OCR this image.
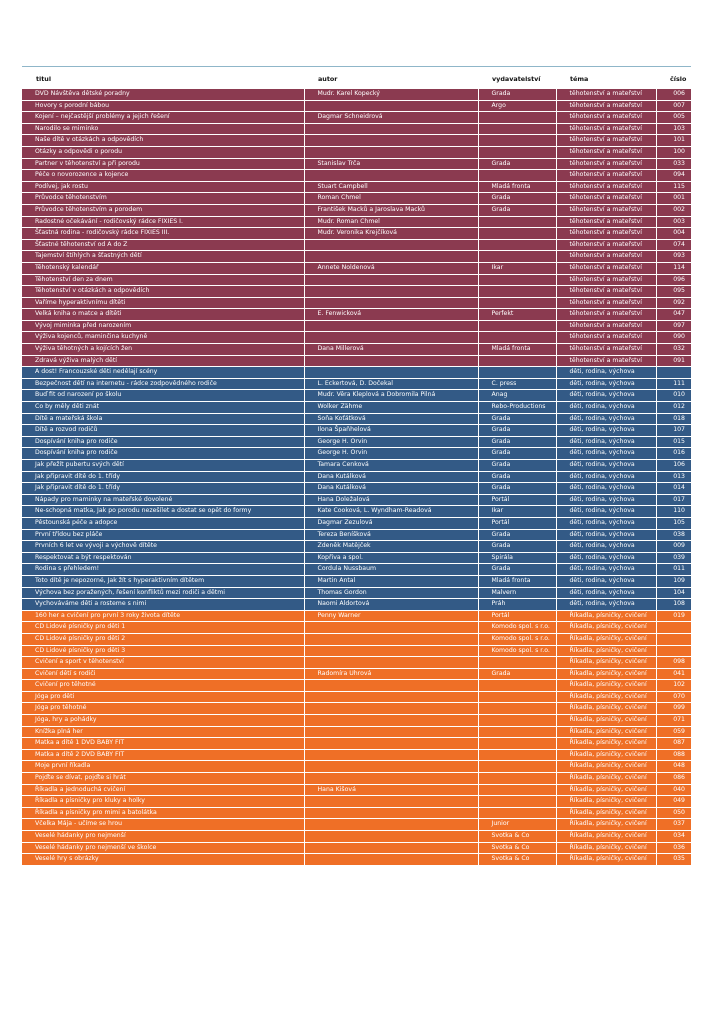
titul	autor	vydavatelství	téma	číslo
DVD Návštěva dětské poradny	Mudr. Karel Kopecký	Grada	těhotenství a mateřství	006
Hovory s porodní bábou		Argo	těhotenství a mateřství	007
Kojení – nejčastější problémy a jejich řešení	Dagmar Schneidrová		těhotenství a mateřství	005
Narodilo se miminko			těhotenství a mateřství	103
Naše dítě v otázkách a odpovědích			těhotenství a mateřství	101
Otázky a odpovědi o porodu			těhotenství a mateřství	100
Partner v těhotenství a při porodu	Stanislav Trča	Grada	těhotenství a mateřství	033
Péče o novorozence a kojence			těhotenství a mateřství	094
Podívej, jak rostu	Stuart Campbell	Mladá fronta	těhotenství a mateřství	115
Průvodce těhotenstvím	Roman Chmel	Grada	těhotenství a mateřství	001
Průvodce těhotenstvím a porodem	František Macků a Jaroslava Macků	Grada	těhotenství a mateřství	002
Radostné očekávání - rodičovský rádce FIXIES I.	Mudr. Roman Chmel		těhotenství a mateřství	003
Šťastná rodina - rodičovský rádce FIXIES III.	Mudr. Veronika Krejčíková		těhotenství a mateřství	004
Šťastné těhotenství od A do Z			těhotenství a mateřství	074
Tajemství štíhlých a šťastných dětí			těhotenství a mateřství	093
Těhotenský kalendář	Annete Noldenová	Ikar	těhotenství a mateřství	114
Těhotenství den za dnem			těhotenství a mateřství	096
Těhotenství v otázkách a odpovědích			těhotenství a mateřství	095
Vaříme hyperaktivnímu dítěti			těhotenství a mateřství	092
Velká kniha o matce a dítěti	E. Fenwicková	Perfekt	těhotenství a mateřství	047
Vývoj miminka před narozením			těhotenství a mateřství	097
Výživa kojenců, maminčina kuchyně			těhotenství a mateřství	090
Výživa těhotných a kojících žen	Dana Millerová	Mladá fronta	těhotenství a mateřství	032
Zdravá výživa malých dětí			těhotenství a mateřství	091
A dost! Francouzské děti nedělají scény			děti, rodina, výchova	
Bezpečnost dětí na internetu - rádce zodpovědného rodiče	L. Eckertová, D. Dočekal	C. press	děti, rodina, výchova	111
Buď fit od narození po školu	Mudr. Věra Kleplová a Dobromila Pilná	Anag	děti, rodina, výchova	010
Co by měly děti znát	Wolker Zähme	Rebo-Productions	děti, rodina, výchova	012
Dítě a mateřská škola	Soňa Koťátková	Grada	děti, rodina, výchova	018
Dítě a rozvod rodičů	Ilona Špaňhelová	Grada	děti, rodina, výchova	107
Dospívání kniha pro rodiče	George H. Orvin	Grada	děti, rodina, výchova	015
Dospívání kniha pro rodiče	George H. Orvin	Grada	děti, rodina, výchova	016
Jak přežít pubertu svých dětí	Tamara Cenková	Grada	děti, rodina, výchova	106
Jak připravit dítě do 1. třídy	Dana Kutálková	Grada	děti, rodina, výchova	013
Jak připravit dítě do 1. třídy	Dana Kutálková	Grada	děti, rodina, výchova	014
Nápady pro maminky na mateřské dovolené	Hana Doležalová	Portál	děti, rodina, výchova	017
Ne-schopná matka, Jak po porodu nezešílet a dostat se opět do formy	Kate Cooková, L. Wyndham-Readová	Ikar	děti, rodina, výchova	110
Pěstounská péče a adopce	Dagmar Zezulová	Portál	děti, rodina, výchova	105
První třídou bez pláče	Tereza Beníšková	Grada	děti, rodina, výchova	038
Prvních 6 let ve vývoji a výchově dítěte	Zdeněk Matějček	Grada	děti, rodina, výchova	009
Respektovat a být respektován	Kopřiva a spol.	Spirála	děti, rodina, výchova	039
Rodina s přehledem!	Cordula Nussbaum	Grada	děti, rodina, výchova	011
Toto dítě je nepozorné, Jak žít s hyperaktivním dítětem	Martin Antal	Mladá fronta	děti, rodina, výchova	109
Výchova bez poražených, řešení konfliktů mezi rodiči a dětmi	Thomas Gordon	Malvern	děti, rodina, výchova	104
Vychováváme děti a rosteme s nimi	Naomi Aldortová	Práh	děti, rodina, výchova	108
160 her a cvičení pro první 3 roky života dítěte	Penny Warner	Portál	Říkadla, písničky, cvičení	019
CD Lidové písničky pro děti 1		Komodo spol. s r.o.	Říkadla, písničky, cvičení	
CD Lidové písničky pro děti 2		Komodo spol. s r.o.	Říkadla, písničky, cvičení	
CD Lidové písničky pro děti 3		Komodo spol. s r.o.	Říkadla, písničky, cvičení	
Cvičení a sport v těhotenství			Říkadla, písničky, cvičení	098
Cvičení dětí s rodiči	Radomíra Uhrová	Grada	Říkadla, písničky, cvičení	041
Cvičení pro těhotné			Říkadla, písničky, cvičení	102
Jóga pro děti			Říkadla, písničky, cvičení	070
Jóga pro těhotné			Říkadla, písničky, cvičení	099
Jóga, hry a pohádky			Říkadla, písničky, cvičení	071
Knížka plná her			Říkadla, písničky, cvičení	059
Matka a dítě 1 DVD BABY FIT			Říkadla, písničky, cvičení	087
Matka a dítě 2 DVD BABY FIT			Říkadla, písničky, cvičení	088
Moje první říkadla			Říkadla, písničky, cvičení	048
Pojďte se dívat, pojďte si hrát			Říkadla, písničky, cvičení	086
Říkadla a jednoduchá cvičení	Hana Kišová		Říkadla, písničky, cvičení	040
Říkadla a písničky pro kluky a holky			Říkadla, písničky, cvičení	049
Říkadla a písničky pro mimi a batolátka			Říkadla, písničky, cvičení	050
Včelka Mája - učíme se hrou		Junior	Říkadla, písničky, cvičení	037
Veselé hádanky pro nejmenší		Svotka & Co	Říkadla, písničky, cvičení	034
Veselé hádanky pro nejmenší ve školce		Svotka & Co	Říkadla, písničky, cvičení	036
Veselé hry s obrázky		Svotka & Co	Říkadla, písničky, cvičení	035
